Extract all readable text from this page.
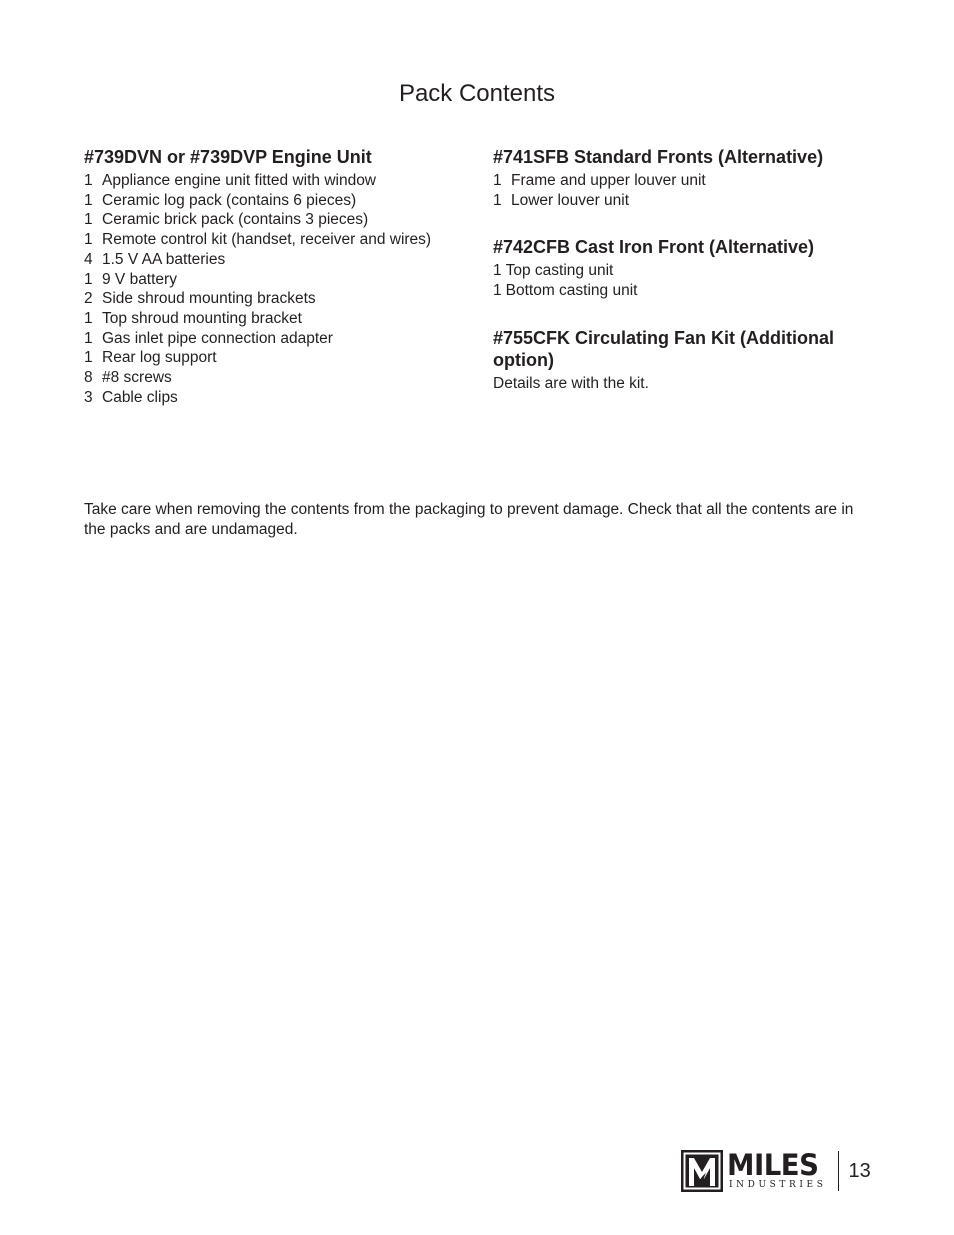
Pack Contents
#739DVN or #739DVP Engine Unit
1 Appliance engine unit fitted with window
1 Ceramic log pack (contains 6 pieces)
1 Ceramic brick pack (contains 3 pieces)
1 Remote control kit (handset, receiver and wires)
4 1.5 V AA batteries
1 9 V battery
2 Side shroud mounting brackets
1 Top shroud mounting bracket
1 Gas inlet pipe connection adapter
1 Rear log support
8 #8 screws
3 Cable clips
#741SFB Standard Fronts (Alternative)
1 Frame and upper louver unit
1 Lower louver unit
#742CFB Cast Iron Front (Alternative)
1 Top casting unit
1 Bottom casting unit
#755CFK Circulating Fan Kit (Additional option)

Details are with the kit.

Take care when removing the contents from the packaging to prevent damage. Check that all the contents are in the packs and are undamaged.

MILES
INDUSTRIES
13
